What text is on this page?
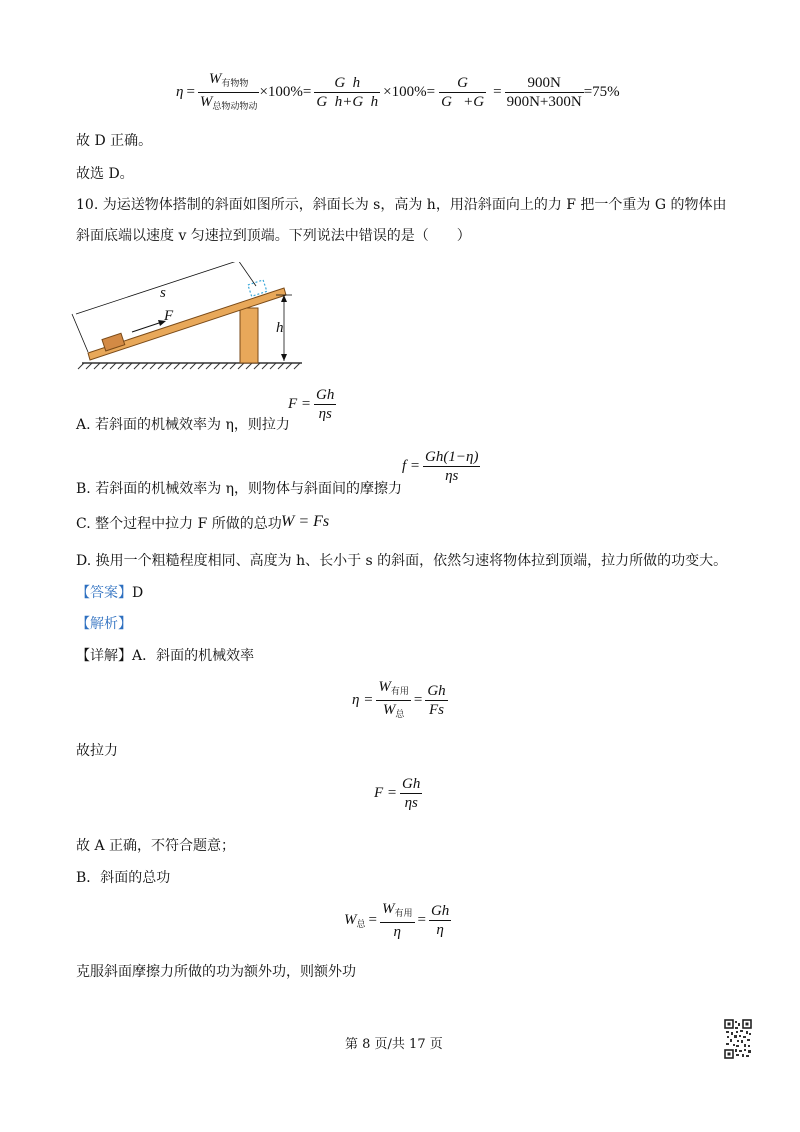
$\eta = \frac{W_{有物物}}{W_{总物动物动}} \times 100\%= \frac{\text{G  h}}{\text{G  h+G  h}} \times 100\%= \frac{G}{G +G} = \frac{900N}{900N+300N} =75\%$
故 D 正确。
故选 D。
10. 为运送物体搭制的斜面如图所示，斜面长为 s，高为 h，用沿斜面向上的力 F 把一个重为 G 的物体由
斜面底端以速度 v 匀速拉到顶端。下列说法中错误的是（　　）
s
F
h
A. 若斜面的机械效率为 η，则拉力
$F = \frac{Gh}{\eta s}$
B. 若斜面的机械效率为 η，则物体与斜面间的摩擦力
$f = \frac{Gh(1-\eta)}{\eta s}$
C. 整个过程中拉力 F 所做的总功 W = Fs
D. 换用一个粗糙程度相同、高度为 h、长小于 s 的斜面，依然匀速将物体拉到顶端，拉力所做的功变大。
【答案】D
【解析】
【详解】A．斜面的机械效率
$\eta = \frac{W_{有用}}{W_总} = \frac{Gh}{Fs}$
故拉力
$F = \frac{Gh}{\eta s}$
故 A 正确，不符合题意；
B．斜面的总功
$W_总 = \frac{W_{有用}}{\eta} = \frac{Gh}{\eta}$
克服斜面摩擦力所做的功为额外功，则额外功
第 8 页/共 17 页
